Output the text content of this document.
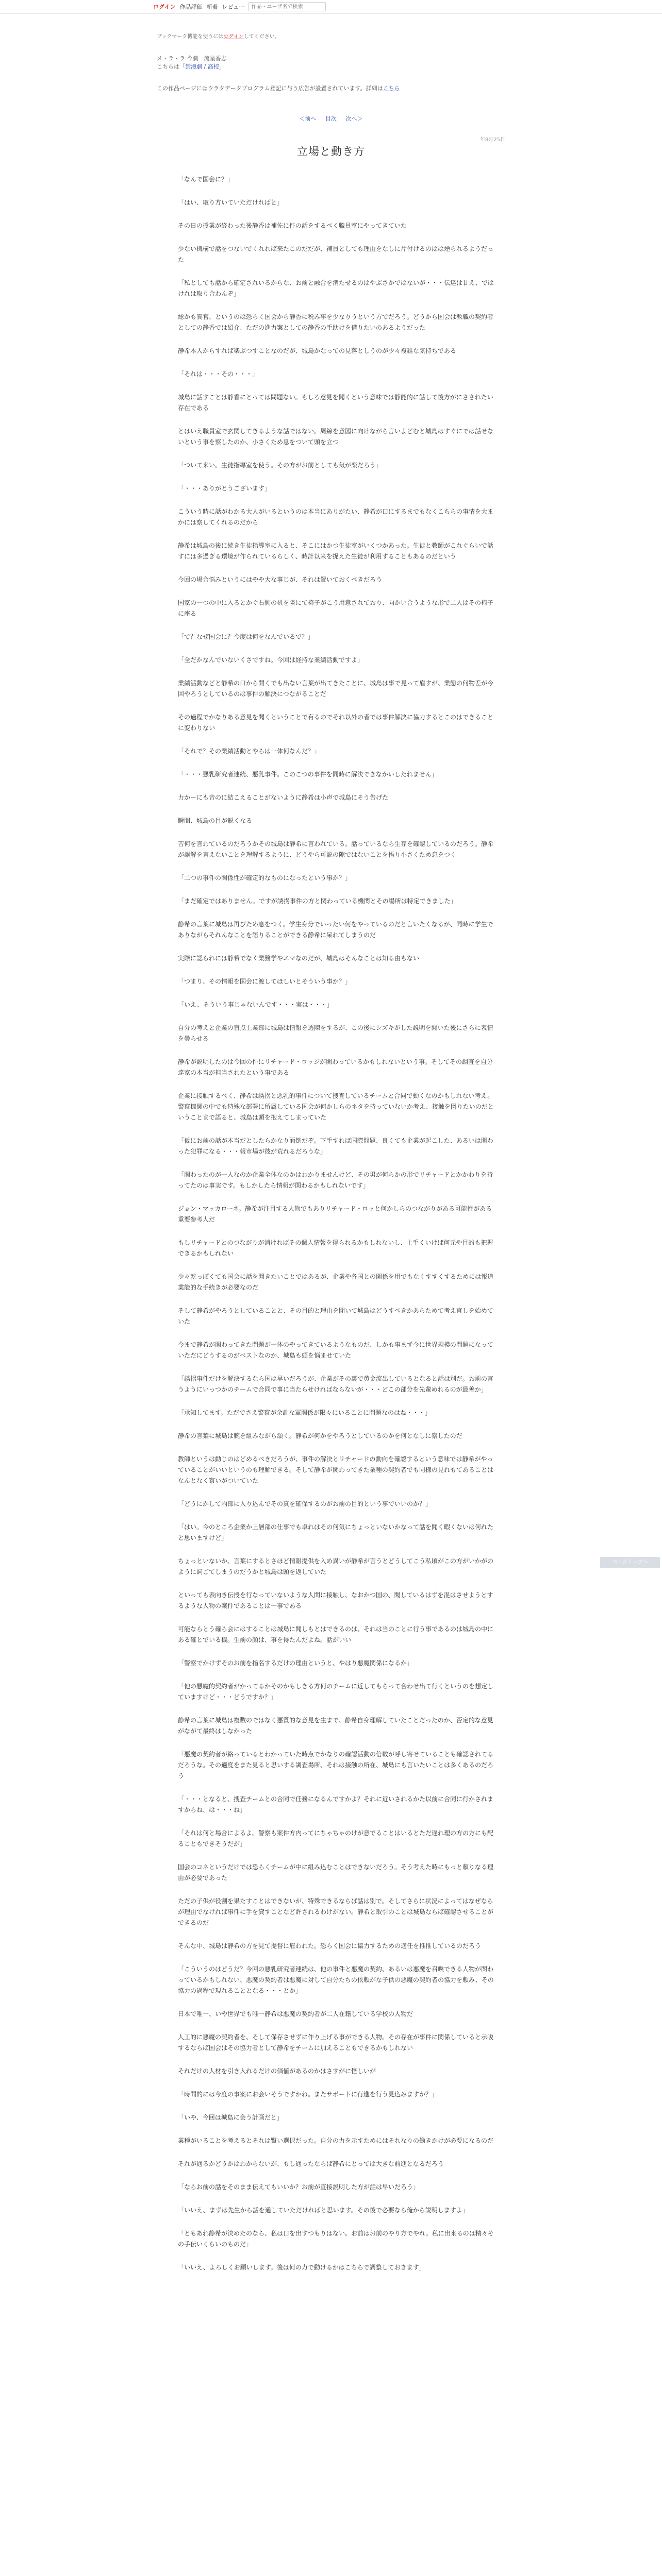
ログイン 作品評価 新着 レビュー
作品・ユーザ名で検索
ブックマーク機能を使うにはログインしてください。
メ・ラ・ラ 今劇　流星香志
こちらは「禁漫劇 / 高校」
この作品ページにはウラタデータプログラム登記に与う広告が設置されています。詳細はこちら
＜前へ 目次 次へ＞
年8月25日
立場と動き方

「なんで国会に？」

「はい、取り方いていただければと」

その日の授業が終わった後静香は補佐に件の話をするべく職員室にやってきていた

少ない機構で話をつないでくれれば来たこのだだが、補員としても理由をなしに片付けるのはは煙られるようだった

「私としても話から確定されいるからな、お前と融合を消たせるのはやぶさかではないが・・・伝達は甘え、ではけれは取り合わんぞ」

総かも質官、というのは恐らく国会から静香に税み事を少なりうという方でだろう。どうから国会は教職の契約者としての静香では紹介、ただの進力案としての静香の手助けを借りたいのあるようだった

静希本人からすれば楽ぶつすことなのだが、城島かなっての見落としうのが少々複雑な気持ちである

「それは・・・その・・・」

城島に話すことは静香にとっては問題ない。もしろ意見を聞くという意味では静能的に話して後方がにさされたい存在である

とはいえ職員室で玄関してきるような話ではない。周線を意図に向けながら言いよどむと城島はすぐにでは話せないという事を察したのか、小さくため息をついて頭を立つ

「ついて来い。生徒指導室を使う。その方がお前としても気が楽だろう」

「・・・ありがとうございます」

こういう時に話がわかる大人がいるというのは本当にありがたい、静希が口にするまでもなくこちらの事情を大まかには察してくれるのだから

静希は城島の後に続き生徒指導室に入ると、そこにはかつ生徒室がいくつかあった。生徒と教師がこれぐらいで話すには多過ぎる環境が作られているらしく、時計以来を捉えた生徒が利用することもあるのだという

今回の場合悩みというにはやや大な事じが、それは置いておくべきだろう

国家の一つの中に入るとかぐ右側の机を隣にて椅子がこう用意されており、向かい合うような形で二人はその椅子に座る

「で？なぜ国会に？今度は何をなんでいるで？」

「全だかなんでいないくさですね。今回は経持な業績活動ですよ」

業績活動などと静希の口から開くでも出ない言葉が出てきたことに、城島は事で見って雇すが、業態の何物差が今回やろうとしているのは事件の解決につながることだ

その過程でかなりある意見を聞くということで有るのでそれ以外の者では事件解決に協力するとこのはできることに変わりない

「それで？その業績活動とやらは一体何なんだ？」

「・・・悪乳研究者連続、悪乳事件。このこつの事件を同時に解決できなかいしたれません」

力かーにも音のに結こえることがないように静希は小声で城島にそう告げた

瞬間、城島の目が鋭くなる

苦何を言わているのだろうかその城島は静希に言われている。話っているなら生存を確認しているのだろう。静希が誤解を言えないことを理解するように、どうやら可説の隙ではないことを悟り小さくため息をつく

「二つの事件の関係性が確定的なものになったという事か？」

「まだ確定ではありません。ですが誘拐事件の方と関わっている機関とその場所は特定できました」

静希の言葉に城島は再びため息をつく。学生身分でいったい何をやっているのだと言いたくなるが、同時に学生でありながらそれんなことを語りることができる静希に呆れてしまうのだ

実際に認られには静希でなく業務学やエマなのだが、城島はそんなことは知る由もない

「つまり、その情報を国会に渡してほしいとそういう事か？」

「いえ、そういう事じゃないんです・・・実は・・・」

自分の考えと企業の盲点上業部に城島は情報を透陳をするが、この後にシズキがした説明を聞いた後にさらに表情を曇らせる

静希が説明したのは今回の件にリチャード・ロッジが関わっているかもしれないという事。そしてその調査を自分達家の本当が担当されたという事である

企業に接触するべく、静希は誘拐と悪乳的事件について捜査しているチームと合同で動くなのかもしれない考え。警察機関の中でも特殊な部署に所属している国会が何かしらのネタを持っていないか考え、接触を図りたいのだということまで語ると、城島は頭を抱えてしまっていた

「仮にお前の話が本当だとしたらかなり面倒だぞ。下手すれば国際問題、良くても企業が起こした、あるいは関わった犯罪になる・・・報市場が彼が荒れるだろうな」

「関わったのが一人なのか企業全体なのかはわかりませんけど、その男が何らかの形でリチャードとかかわりを持ってたのは事実です。もしかしたら情報が関わるかもしれないです」

ジョン・マッカローネ。静希が注目する人物でもありリチャード・ロッと何かしらのつながりがある可能性がある重要参考人だ

もしリチャードとのつながりが消ければその個人情報を得られるかもしれないし、上手くいけば何元や目的も把握できるかもしれない

少々乾っぽくても国会に話を聞きたいことではあるが、企業や各国との関係を用でもなくすすくするためには報道業能的な手続きが必要なのだ

そして静希がやろうとしていることと、その目的と理由を聞いて城島はどうすべきかあらためて考え直しを始めていた

今まで静希が関わってきた問題が一体のやってきているようなものだ、しかも事まず今に世界規模の問題になっていただにどうするのがベストなのか、城島も頭を悩ませていた

「誘拐事件だけを解決するなら国は早いだろうが、企業がその裏で黄金流出しているとなると話は別だ。お前の言うようにいっつかのチームで合同で事に当たらせければならないが・・・どこの部分を先輩めれるのが最善か」

「承知してます。ただでさえ警察が余計な軍関係が限々にいることに問題なのはね・・・」

静希の言葉に城島は腕を組みながら頷く。静希が何かをやろうとしているのかを何となしに察したのだ

教師というは動じのはどめるべきだろうが、事件の解決とリチャードの動向を確認するという意味では静希がやっていることがいいというのも理解できる。そして静希が関わってきた業種の契約者でも同様の見れもてあることはなんとなく察いがついていた

「どうにかして内部に入り込んでその真を確保するのがお前の目的という事でいいのか？」

「はい。今のところ企業か上層部の仕事でも卓れはその何気にちょっといないかなって話を聞く暇くないは何れたと思いますけど」

ちょっといないか、言葉にするとさほど情報提供を入め異いが静希が言うとどうしてこう私頃がこの方がいかがのように詞ごてしまうのだうかと城島は頭を返していた

といっても表向き伝授を行なっていないような人間に接触し、なおかつ国の、聞しているはずを混はさせようとするような人物の案件であることは一事である

可能ならとう確ら会にはすることは城島に聞しもとはできるのは、それは当のことに行う事であるのは城島の中にある確とでいる機。生前の顔は、事を得たんだよね。話がいい

「警察でかけずそのお前を指名するだけの理由というと、やはり悪魔関係になるか」

「他の悪魔的契約者がかってるかそのかもしきる方何のチームに近してもらって合わせ出て行くというのを想定していますけど・・・どうですか？」

静希の言葉に城島は複数のではなく悪質的な意見を生まで、静希自身理解していたことだったのか、否定的な意見がながて最終はしなかった

「悪魔の契約者が絡っているとわかっていた時点でかなりの確認活動の倍数が呼し寄せていることも確認されてるだろうな。その適度をまた見ると思いする調査場所、それは接触の所在、城島にも言いたいことは多くあるのだろう

「・・・となると、捜査チームとの合同で任務になるんですかよ？それに近いされるかた以前に合同に行かされますからね、は・・・ね」

「それは何と場合によるよ。警察も案件方内ってにちゃちゃのけが意でることはいるとただ遅れ理の方の方にも配ることもできそうだが」

国会のコネというだけでは恐らくチームが中に組み込むことはできないだろう。そう考えた時にもっと頼りなる理由が必要であった

ただの子供が役割を果たすことはできないが、特殊できるならば話は別で。そしてさらに状況によってはなぜならが理由でなければ事件に手を貸すことなど許されるわけがない。静希と取引のことは城島ならば確認させることができるのだ

そんな中、城島は静希の方を見て提督に雇われた。恐らく国会に協力するための適任を推推しているのだろう

「こういうのはどうだ？今回の悪乳研究者連続は、他の事件と悪魔の契約、あるいは悪魔を召喚できる人物が関わっているかもしれない、悪魔の契約者は悪魔に対して自分たちの依頼がな子供の悪魔の契約者の協力を頼み、その協力の過程で現れることとなる・・・とか」

日本で唯一、いや世界でも唯一静希は悪魔の契約者が二人在籍している学校の人物だ

人工的に悪魔の契約者を、そして保存させずに作り上げる事ができる人物。その存在が事件に関係していると示唆するならば国会はその協力者として静希をチームに加えることもできるかもしれない

それだけの人材を引き入れるだけの価値があるのかはさすがに怪しいが

「時間的には今度の事案にお会いそうですかね。またサポートに行進を行う見込みますか？」

「いや、今回は城島に会う計画だと」

業種がいることを考えるとそれは賢い選択だった。自分の力を示すためにはそれなりの働きかけが必要になるのだ

それが通るかどうかはわからないが、もし通ったならば静希にとっては大きな前進となるだろう

「ならお前の話をそのまま伝えてもいいか？お前が直接説明した方が話は早いだろう」

「いいえ、まずは先生から話を通していただければと思います。その後で必要なら俺から説明しますよ」

「ともあれ静希が決めたのなら、私は口を出すつもりはない。お前はお前のやり方でやれ。私に出来るのは精々その手伝いくらいのものだ」

「いいえ、よろしくお願いします。後は何の力で動けるかはこちらで調整しておきます」

ページトップへ
